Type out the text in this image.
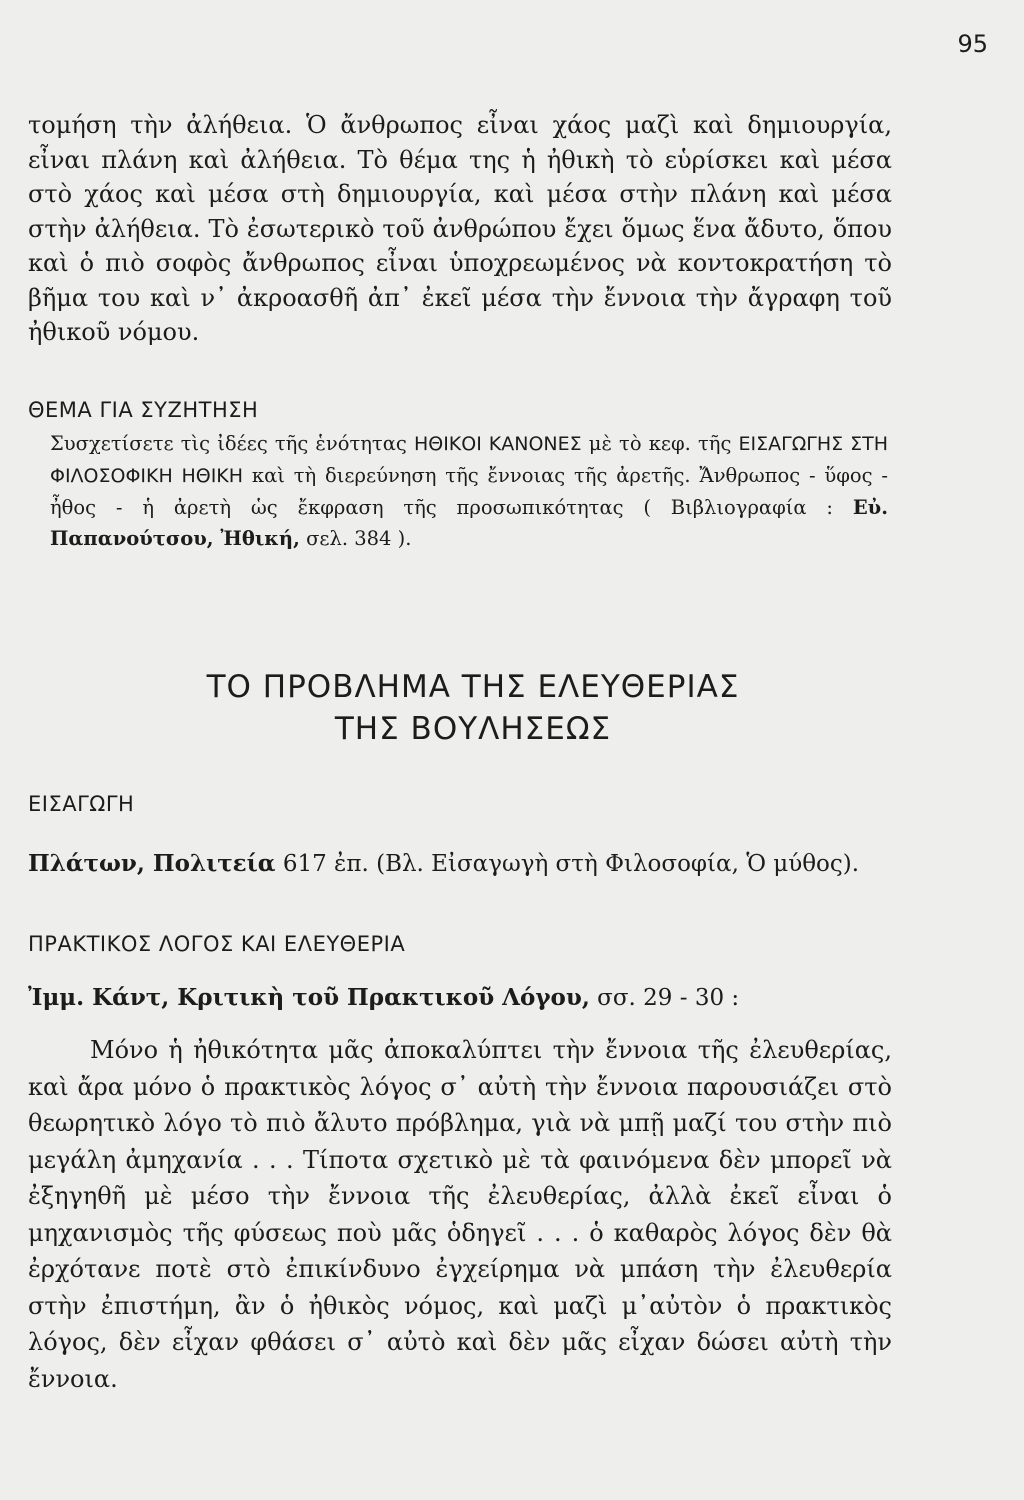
95

τομήση τὴν ἀλήθεια. Ὁ ἄνθρωπος εἶναι χάος μαζὶ καὶ δημιουργία, εἶναι πλάνη καὶ ἀλήθεια. Τὸ θέμα της ἡ ἠθικὴ τὸ εὑρίσκει καὶ μέσα στὸ χάος καὶ μέσα στὴ δημιουργία, καὶ μέσα στὴν πλάνη καὶ μέσα στὴν ἀλήθεια. Τὸ ἐσωτερικὸ τοῦ ἀνθρώπου ἔχει ὅμως ἕνα ἄδυτο, ὅπου καὶ ὁ πιὸ σοφὸς ἄνθρωπος εἶναι ὑποχρεωμένος νὰ κοντοκρατήση τὸ βῆμα του καὶ ν᾽ ἀκροασθῆ ἀπ᾽ ἐκεῖ μέσα τὴν ἔννοια τὴν ἄγραφη τοῦ ἠθικοῦ νόμου.

ΘΕΜΑ ΓΙΑ ΣΥΖΗΤΗΣΗ

Συσχετίσετε τὶς ἰδέες τῆς ἑνότητας ΗΘΙΚΟΙ ΚΑΝΟΝΕΣ μὲ τὸ κεφ. τῆς ΕΙΣΑΓΩΓΗΣ ΣΤΗ ΦΙΛΟΣΟΦΙΚΗ ΗΘΙΚΗ καὶ τὴ διερεύνηση τῆς ἔννοιας τῆς ἀρετῆς. Ἄνθρωπος - ὕφος - ἦθος - ἡ ἀρετὴ ὡς ἔκφραση τῆς προσωπικότητας ( Βιβλιογραφία : Εὐ. Παπανούτσου, Ἠθική, σελ. 384 ).

ΤΟ ΠΡΟΒΛΗΜΑ ΤΗΣ ΕΛΕΥΘΕΡΙΑΣ
ΤΗΣ ΒΟΥΛΗΣΕΩΣ
ΕΙΣΑΓΩΓΗ

Πλάτων, Πολιτεία 617 ἐπ. (Βλ. Εἰσαγωγὴ στὴ Φιλοσοφία, Ὁ μύθος).

ΠΡΑΚΤΙΚΟΣ ΛΟΓΟΣ ΚΑΙ ΕΛΕΥΘΕΡΙΑ
Ἰμμ. Κάντ, Κριτικὴ τοῦ Πρακτικοῦ Λόγου, σσ. 29 - 30 :

Μόνο ἡ ἠθικότητα μᾶς ἀποκαλύπτει τὴν ἔννοια τῆς ἐλευθερίας, καὶ ἄρα μόνο ὁ πρακτικὸς λόγος σ᾽ αὐτὴ τὴν ἔννοια παρουσιάζει στὸ θεωρητικὸ λόγο τὸ πιὸ ἄλυτο πρόβλημα, γιὰ νὰ μπῇ μαζί του στὴν πιὸ μεγάλη ἀμηχανία . . . Τίποτα σχετικὸ μὲ τὰ φαινόμενα δὲν μπορεῖ νὰ ἐξηγηθῆ μὲ μέσο τὴν ἔννοια τῆς ἐλευθερίας, ἀλλὰ ἐκεῖ εἶναι ὁ μηχανισμὸς τῆς φύσεως ποὺ μᾶς ὁδηγεῖ . . . ὁ καθαρὸς λόγος δὲν θὰ ἐρχότανε ποτὲ στὸ ἐπικίνδυνο ἐγχείρημα νὰ μπάση τὴν ἐλευθερία στὴν ἐπιστήμη, ἂν ὁ ἠθικὸς νόμος, καὶ μαζὶ μ᾽αὐτὸν ὁ πρακτικὸς λόγος, δὲν εἶχαν φθάσει σ᾽ αὐτὸ καὶ δὲν μᾶς εἶχαν δώσει αὐτὴ τὴν ἔννοια.
